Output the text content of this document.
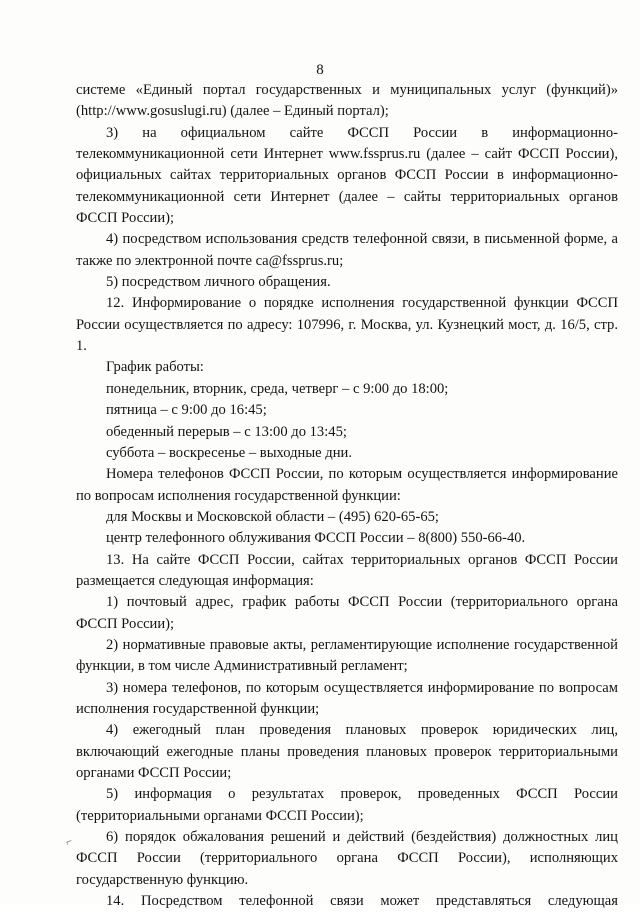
8

системе «Единый портал государственных и муниципальных услуг (функций)» (http://www.gosuslugi.ru) (далее – Единый портал);

3) на официальном сайте ФССП России в информационно-телекоммуникационной сети Интернет www.fssprus.ru (далее – сайт ФССП России), официальных сайтах территориальных органов ФССП России в информационно-телекоммуникационной сети Интернет (далее – сайты территориальных органов ФССП России);

4) посредством использования средств телефонной связи, в письменной форме, а также по электронной почте ca@fssprus.ru;

5) посредством личного обращения.

12. Информирование о порядке исполнения государственной функции ФССП России осуществляется по адресу: 107996, г. Москва, ул. Кузнецкий мост, д. 16/5, стр. 1.

График работы:

понедельник, вторник, среда, четверг – с 9:00 до 18:00;

пятница – с 9:00 до 16:45;

обеденный перерыв – с 13:00 до 13:45;

суббота – воскресенье – выходные дни.

Номера телефонов ФССП России, по которым осуществляется информирование по вопросам исполнения государственной функции:

для Москвы и Московской области – (495) 620-65-65;

центр телефонного облуживания ФССП России – 8(800) 550-66-40.

13. На сайте ФССП России, сайтах территориальных органов ФССП России размещается следующая информация:

1) почтовый адрес, график работы ФССП России (территориального органа ФССП России);

2) нормативные правовые акты, регламентирующие исполнение государственной функции, в том числе Административный регламент;

3) номера телефонов, по которым осуществляется информирование по вопросам исполнения государственной функции;

4) ежегодный план проведения плановых проверок юридических лиц, включающий ежегодные планы проведения плановых проверок территориальными органами ФССП России;

5) информация о результатах проверок, проведенных ФССП России (территориальными органами ФССП России);

6) порядок обжалования решений и действий (бездействия) должностных лиц ФССП России (территориального органа ФССП России), исполняющих государственную функцию.

14. Посредством телефонной связи может представляться следующая

⌐
